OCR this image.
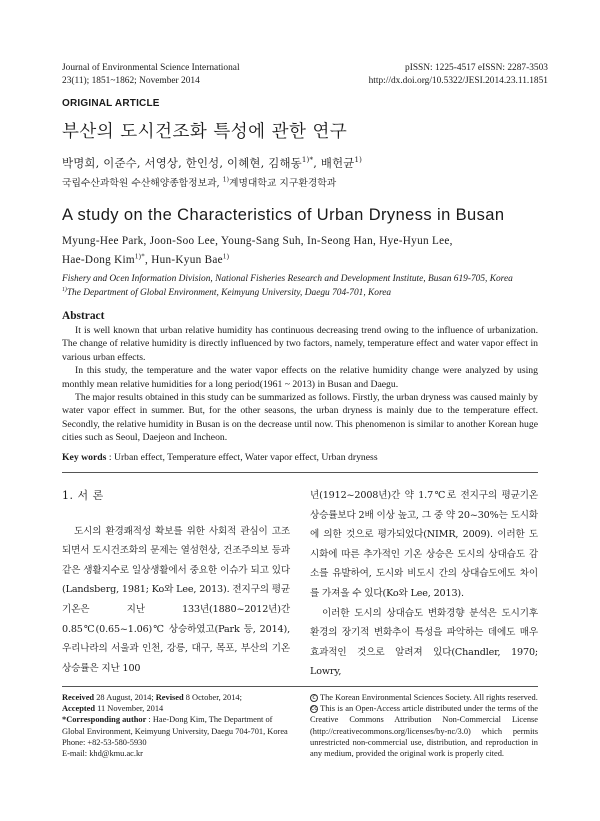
Journal of Environmental Science International
23(11); 1851~1862; November 2014
pISSN: 1225-4517 eISSN: 2287-3503
http://dx.doi.org/10.5322/JESI.2014.23.11.1851
ORIGINAL ARTICLE
부산의 도시건조화 특성에 관한 연구
박명희, 이준수, 서영상, 한인성, 이혜현, 김해동$^{1)*}$, 배헌균$^{1)}$
국립수산과학원 수산해양종합정보과, $^{1)}$계명대학교 지구환경학과
A study on the Characteristics of Urban Dryness in Busan
Myung-Hee Park, Joon-Soo Lee, Young-Sang Suh, In-Seong Han, Hye-Hyun Lee,
Hae-Dong Kim$^{1)*}$, Hun-Kyun Bae$^{1)}$
Fishery and Ocen Information Division, National Fisheries Research and Development Institute, Busan 619-705, Korea
$^{1)}$The Department of Global Environment, Keimyung University, Daegu 704-701, Korea
Abstract

It is well known that urban relative humidity has continuous decreasing trend owing to the influence of urbanization. The change of relative humidity is directly influenced by two factors, namely, temperature effect and water vapor effect in various urban effects.

In this study, the temperature and the water vapor effects on the relative humidity change were analyzed by using monthly mean relative humidities for a long period(1961 ~ 2013) in Busan and Daegu.

The major results obtained in this study can be summarized as follows. Firstly, the urban dryness was caused mainly by water vapor effect in summer. But, for the other seasons, the urban dryness is mainly due to the temperature effect. Secondly, the relative humidity in Busan is on the decrease until now. This phenomenon is similar to another Korean huge cities such as Seoul, Daejeon and Incheon.

Key words : Urban effect, Temperature effect, Water vapor effect, Urban dryness
1. 서 론

도시의 환경쾌적성 확보를 위한 사회적 관심이 고조되면서 도시건조화의 문제는 열섬현상, 건조주의보 등과 같은 생활지수로 일상생활에서 중요한 이슈가 되고 있다(Landsberg, 1981; Ko와 Lee, 2013). 전지구의 평균기온은 지난 133년(1880~2012년)간 0.85℃(0.65~1.06)℃ 상승하였고(Park 등, 2014), 우리나라의 서울과 인천, 강릉, 대구, 목포, 부산의 기온 상승률은 지난 100

년(1912~2008년)간 약 1.7℃로 전지구의 평균기온 상승률보다 2배 이상 높고, 그 중 약 20~30%는 도시화에 의한 것으로 평가되었다(NIMR, 2009). 이러한 도시화에 따른 추가적인 기온 상승은 도시의 상대습도 감소를 유발하여, 도시와 비도시 간의 상대습도에도 차이를 가져올 수 있다(Ko와 Lee, 2013).

이러한 도시의 상대습도 변화경향 분석은 도시기후 환경의 장기적 변화추이 특성을 파악하는 데에도 매우 효과적인 것으로 알려져 있다(Chandler, 1970; Lowry,

Received 28 August, 2014; Revised 8 October, 2014;
Accepted 11 November, 2014
*Corresponding author : Hae-Dong Kim, The Department of Global Environment, Keimyung University, Daegu 704-701, Korea
Phone: +82-53-580-5930
E-mail: khd@kmu.ac.kr
c The Korean Environmental Sciences Society. All rights reserved.
cc This is an Open-Access article distributed under the terms of the Creative Commons Attribution Non-Commercial License (http://creativecommons.org/licenses/by-nc/3.0) which permits unrestricted non-commercial use, distribution, and reproduction in any medium, provided the original work is properly cited.
